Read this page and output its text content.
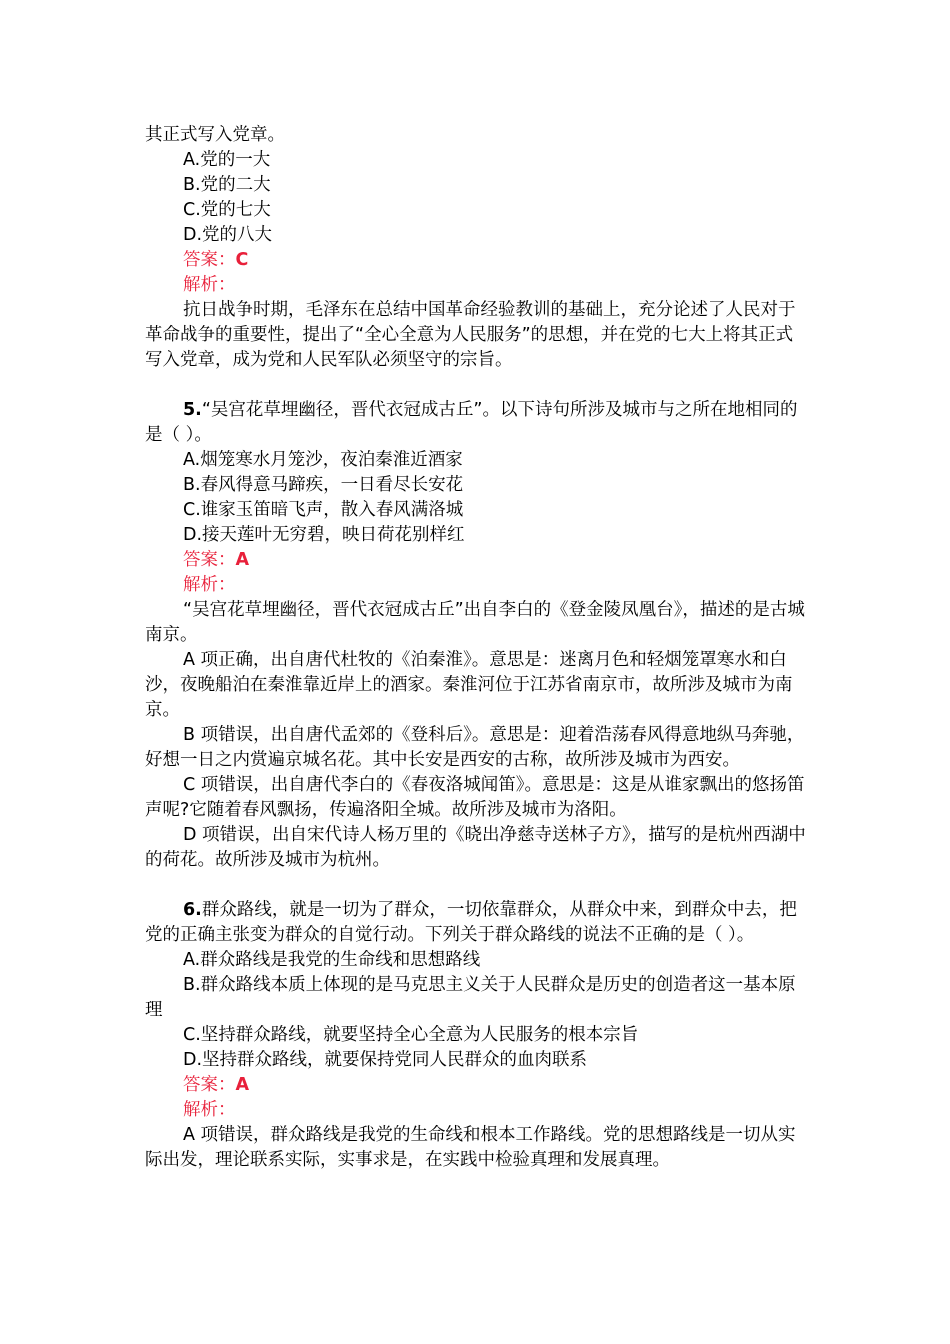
其正式写入党章。

A.党的一大

B.党的二大

C.党的七大

D.党的八大

答案：C

解析：

抗日战争时期，毛泽东在总结中国革命经验教训的基础上，充分论述了人民对于革命战争的重要性，提出了“全心全意为人民服务”的思想，并在党的七大上将其正式写入党章，成为党和人民军队必须坚守的宗旨。

5.“吴宫花草埋幽径，晋代衣冠成古丘”。以下诗句所涉及城市与之所在地相同的是（ ）。

A.烟笼寒水月笼沙，夜泊秦淮近酒家

B.春风得意马蹄疾，一日看尽长安花

C.谁家玉笛暗飞声，散入春风满洛城

D.接天莲叶无穷碧，映日荷花别样红

答案：A

解析：

“吴宫花草埋幽径，晋代衣冠成古丘”出自李白的《登金陵凤凰台》，描述的是古城南京。

A 项正确，出自唐代杜牧的《泊秦淮》。意思是：迷离月色和轻烟笼罩寒水和白沙，夜晚船泊在秦淮靠近岸上的酒家。秦淮河位于江苏省南京市，故所涉及城市为南京。

B 项错误，出自唐代孟郊的《登科后》。意思是：迎着浩荡春风得意地纵马奔驰，好想一日之内赏遍京城名花。其中长安是西安的古称，故所涉及城市为西安。

C 项错误，出自唐代李白的《春夜洛城闻笛》。意思是：这是从谁家飘出的悠扬笛声呢?它随着春风飘扬，传遍洛阳全城。故所涉及城市为洛阳。

D 项错误，出自宋代诗人杨万里的《晓出净慈寺送林子方》，描写的是杭州西湖中的荷花。故所涉及城市为杭州。

6.群众路线，就是一切为了群众，一切依靠群众，从群众中来，到群众中去，把党的正确主张变为群众的自觉行动。下列关于群众路线的说法不正确的是（ ）。

A.群众路线是我党的生命线和思想路线

B.群众路线本质上体现的是马克思主义关于人民群众是历史的创造者这一基本原理

C.坚持群众路线，就要坚持全心全意为人民服务的根本宗旨

D.坚持群众路线，就要保持党同人民群众的血肉联系

答案：A

解析：

A 项错误，群众路线是我党的生命线和根本工作路线。党的思想路线是一切从实际出发，理论联系实际，实事求是，在实践中检验真理和发展真理。
